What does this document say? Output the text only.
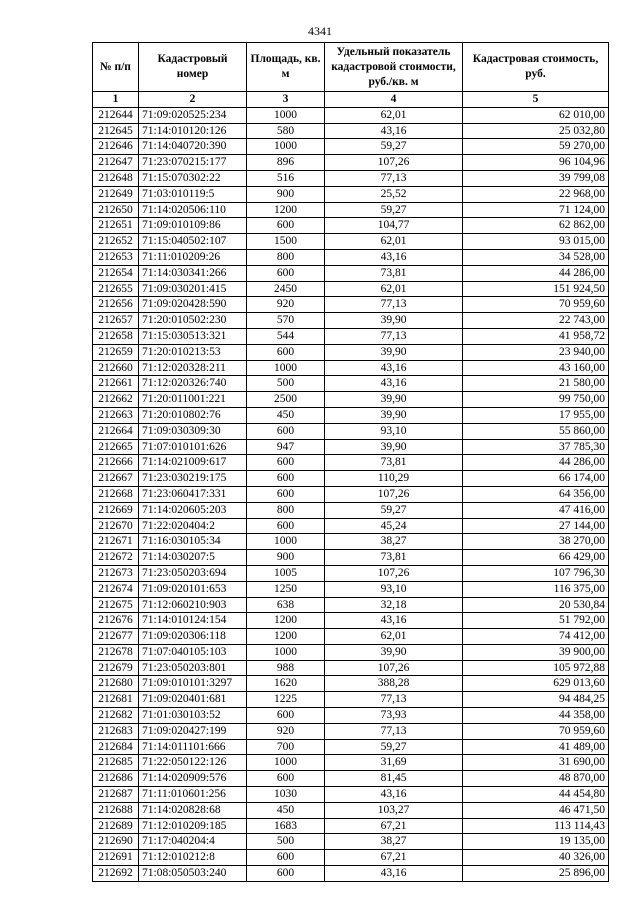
4341
№ п/п	Кадастровый номер	Площадь, кв. м	Удельный показатель кадастровой стоимости, руб./кв. м	Кадастровая стоимость, руб.
1	2	3	4	5
212644	71:09:020525:234	1000	62,01	62 010,00
212645	71:14:010120:126	580	43,16	25 032,80
212646	71:14:040720:390	1000	59,27	59 270,00
212647	71:23:070215:177	896	107,26	96 104,96
212648	71:15:070302:22	516	77,13	39 799,08
212649	71:03:010119:5	900	25,52	22 968,00
212650	71:14:020506:110	1200	59,27	71 124,00
212651	71:09:010109:86	600	104,77	62 862,00
212652	71:15:040502:107	1500	62,01	93 015,00
212653	71:11:010209:26	800	43,16	34 528,00
212654	71:14:030341:266	600	73,81	44 286,00
212655	71:09:030201:415	2450	62,01	151 924,50
212656	71:09:020428:590	920	77,13	70 959,60
212657	71:20:010502:230	570	39,90	22 743,00
212658	71:15:030513:321	544	77,13	41 958,72
212659	71:20:010213:53	600	39,90	23 940,00
212660	71:12:020328:211	1000	43,16	43 160,00
212661	71:12:020326:740	500	43,16	21 580,00
212662	71:20:011001:221	2500	39,90	99 750,00
212663	71:20:010802:76	450	39,90	17 955,00
212664	71:09:030309:30	600	93,10	55 860,00
212665	71:07:010101:626	947	39,90	37 785,30
212666	71:14:021009:617	600	73,81	44 286,00
212667	71:23:030219:175	600	110,29	66 174,00
212668	71:23:060417:331	600	107,26	64 356,00
212669	71:14:020605:203	800	59,27	47 416,00
212670	71:22:020404:2	600	45,24	27 144,00
212671	71:16:030105:34	1000	38,27	38 270,00
212672	71:14:030207:5	900	73,81	66 429,00
212673	71:23:050203:694	1005	107,26	107 796,30
212674	71:09:020101:653	1250	93,10	116 375,00
212675	71:12:060210:903	638	32,18	20 530,84
212676	71:14:010124:154	1200	43,16	51 792,00
212677	71:09:020306:118	1200	62,01	74 412,00
212678	71:07:040105:103	1000	39,90	39 900,00
212679	71:23:050203:801	988	107,26	105 972,88
212680	71:09:010101:3297	1620	388,28	629 013,60
212681	71:09:020401:681	1225	77,13	94 484,25
212682	71:01:030103:52	600	73,93	44 358,00
212683	71:09:020427:199	920	77,13	70 959,60
212684	71:14:011101:666	700	59,27	41 489,00
212685	71:22:050122:126	1000	31,69	31 690,00
212686	71:14:020909:576	600	81,45	48 870,00
212687	71:11:010601:256	1030	43,16	44 454,80
212688	71:14:020828:68	450	103,27	46 471,50
212689	71:12:010209:185	1683	67,21	113 114,43
212690	71:17:040204:4	500	38,27	19 135,00
212691	71:12:010212:8	600	67,21	40 326,00
212692	71:08:050503:240	600	43,16	25 896,00
